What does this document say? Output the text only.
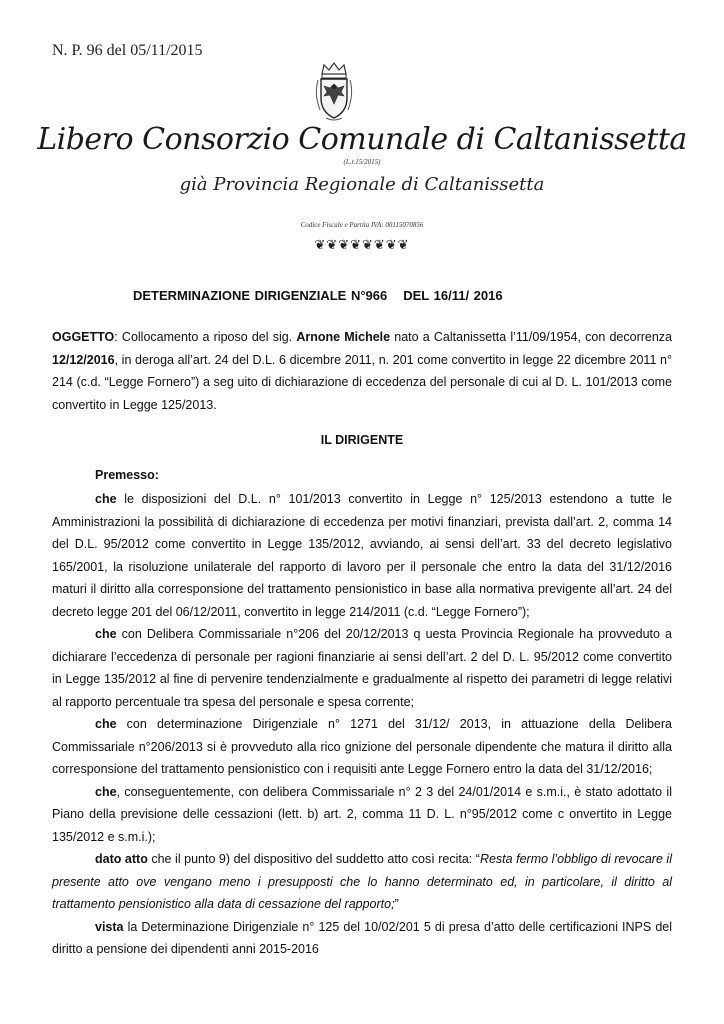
N. P. 96 del 05/11/2015
Libero Consorzio Comunale di Caltanissetta
(L.r.15/2015)
già Provincia Regionale di Caltanissetta
Codice Fiscale e Partita IVA: 00115070856
❦❦❦❦❦❦❦❦
DETERMINAZIONE DIRIGENZIALE N°966 DEL 16/11/ 2016
OGGETTO: Collocamento a riposo del sig. Arnone Michele nato a Caltanissetta l’11/09/1954, con decorrenza 12/12/2016, in deroga all’art. 24 del D.L. 6 dicembre 2011, n. 201 come convertito in legge 22 dicembre 2011 n° 214 (c.d. “Legge Fornero”) a seg uito di dichiarazione di eccedenza del personale di cui al D. L. 101/2013 come convertito in Legge 125/2013.
IL DIRIGENTE
Premesso:

che le disposizioni del D.L. n° 101/2013 convertito in Legge n° 125/2013 estendono a tutte le Amministrazioni la possibilità di dichiarazione di eccedenza per motivi finanziari, prevista dall’art. 2, comma 14 del D.L. 95/2012 come convertito in Legge 135/2012, avviando, ai sensi dell’art. 33 del decreto legislativo 165/2001, la risoluzione unilaterale del rapporto di lavoro per il personale che entro la data del 31/12/2016 maturi il diritto alla corresponsione del trattamento pensionistico in base alla normativa previgente all’art. 24 del decreto legge 201 del 06/12/2011, convertito in legge 214/2011 (c.d. “Legge Fornero”);

che con Delibera Commissariale n°206 del 20/12/2013 q uesta Provincia Regionale ha provveduto a dichiarare l’eccedenza di personale per ragioni finanziarie ai sensi dell’art. 2 del D. L. 95/2012 come convertito in Legge 135/2012 al fine di pervenire tendenzialmente e gradualmente al rispetto dei parametri di legge relativi al rapporto percentuale tra spesa del personale e spesa corrente;

che con determinazione Dirigenziale n° 1271 del 31/12/ 2013, in attuazione della Delibera Commissariale n°206/2013 si è provveduto alla rico gnizione del personale dipendente che matura il diritto alla corresponsione del trattamento pensionistico con i requisiti ante Legge Fornero entro la data del 31/12/2016;

che, conseguentemente, con delibera Commissariale n° 2 3 del 24/01/2014 e s.m.i., è stato adottato il Piano della previsione delle cessazioni (lett. b) art. 2, comma 11 D. L. n°95/2012 come c onvertito in Legge 135/2012 e s.m.i.);

dato atto che il punto 9) del dispositivo del suddetto atto così recita: “Resta fermo l’obbligo di revocare il presente atto ove vengano meno i presupposti che lo hanno determinato ed, in particolare, il diritto al trattamento pensionistico alla data di cessazione del rapporto;”

vista la Determinazione Dirigenziale n° 125 del 10/02/201 5 di presa d’atto delle certificazioni INPS del diritto a pensione dei dipendenti anni 2015-2016
